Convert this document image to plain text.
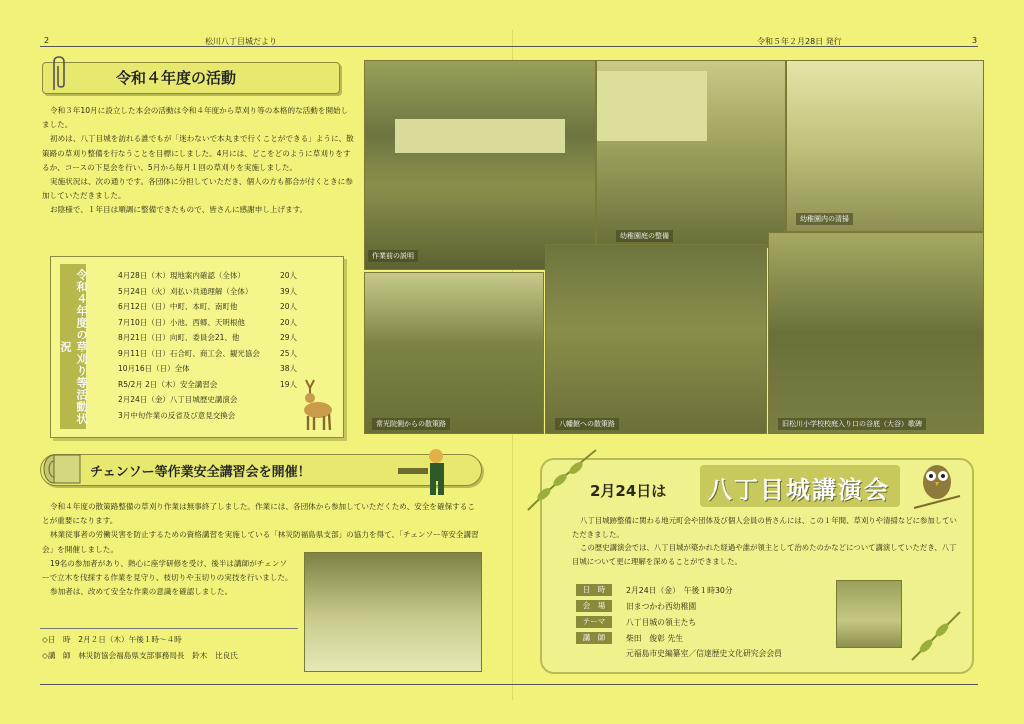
2	松川八丁目城だより	令和５年２月28日 発行	3
令和４年度の活動

令和３年10月に設立した本会の活動は令和４年度から草刈り等の本格的な活動を開始しました。

初めは、八丁目城を訪れる誰でもが「迷わないで本丸まで行くことができる」ように、散策路の草刈り整備を行なうことを目標にしました。4月には、どこをどのように草刈りをするか、コースの下見会を行い、5月から毎月１回の草刈りを実施しました。

実施状況は、次の通りです。各団体に分担していただき、個人の方も都合が付くときに参加していただきました。

お陰様で、１年目は順調に整備できたもので、皆さんに感謝申し上げます。

令和４年度の草刈り等活動状況
4月28日（木）現地案内確認（全体）	20人
5月24日（火）刈払い共通理解（全体）	39人
6月12日（日）中町、本町、南町他	20人
7月10日（日）小池、西郷、天明根他	20人
8月21日（日）向町、委員会21、他	29人
9月11日（日）石合町、商工会、観光協会	25人
10月16日（日）全体	38人
R5/2月 2日（木）安全講習会	19人
2月24日（金）八丁目城歴史講演会
3月中旬作業の反省及び意見交換会
作業前の説明
幼稚園庭の整備
幼稚園内の清掃
常光院側からの散策路	八幡館への散策路	旧松川小学校校庭入り口の谷底（大谷）歌碑
チェンソー等作業安全講習会を開催！

令和４年度の散策路整備の草刈り作業は無事終了しました。作業には、各団体から参加していただくため、安全を確保することが重要になります。

林業従事者の労働災害を防止するための資格講習を実施している「林災防福島県支部」の協力を得て、「チェンソー等安全講習会」を開催しました。

19名の参加者があり、熱心に座学研修を受け、後半は講師がチェンソーで立木を伐採する作業を見守り、枝切りや玉切りの実技を行いました。

参加者は、改めて安全な作業の意識を確認しました。

◇日　時　2月２日（木）午後１時～４時
◇講　師　林災防協会福島県支部事務局長　鈴木　比良氏
2月24日は 八丁目城講演会

八丁目城跡整備に関わる地元町会や団体及び個人会員の皆さんには、この１年間、草刈りや清掃などに参加していただきました。

この歴史講演会では、八丁目城が築かれた経過や誰が領主として治めたのかなどについて講演していただき、八丁目城について更に理解を深めることができました。

日　時	2月24日（金）　午後１時30分
会　場	旧まつかわ西幼稚園
テーマ	八丁目城の領主たち
講　師	柴田　俊彰 先生
元福島市史編纂室／信達歴史文化研究会会員
